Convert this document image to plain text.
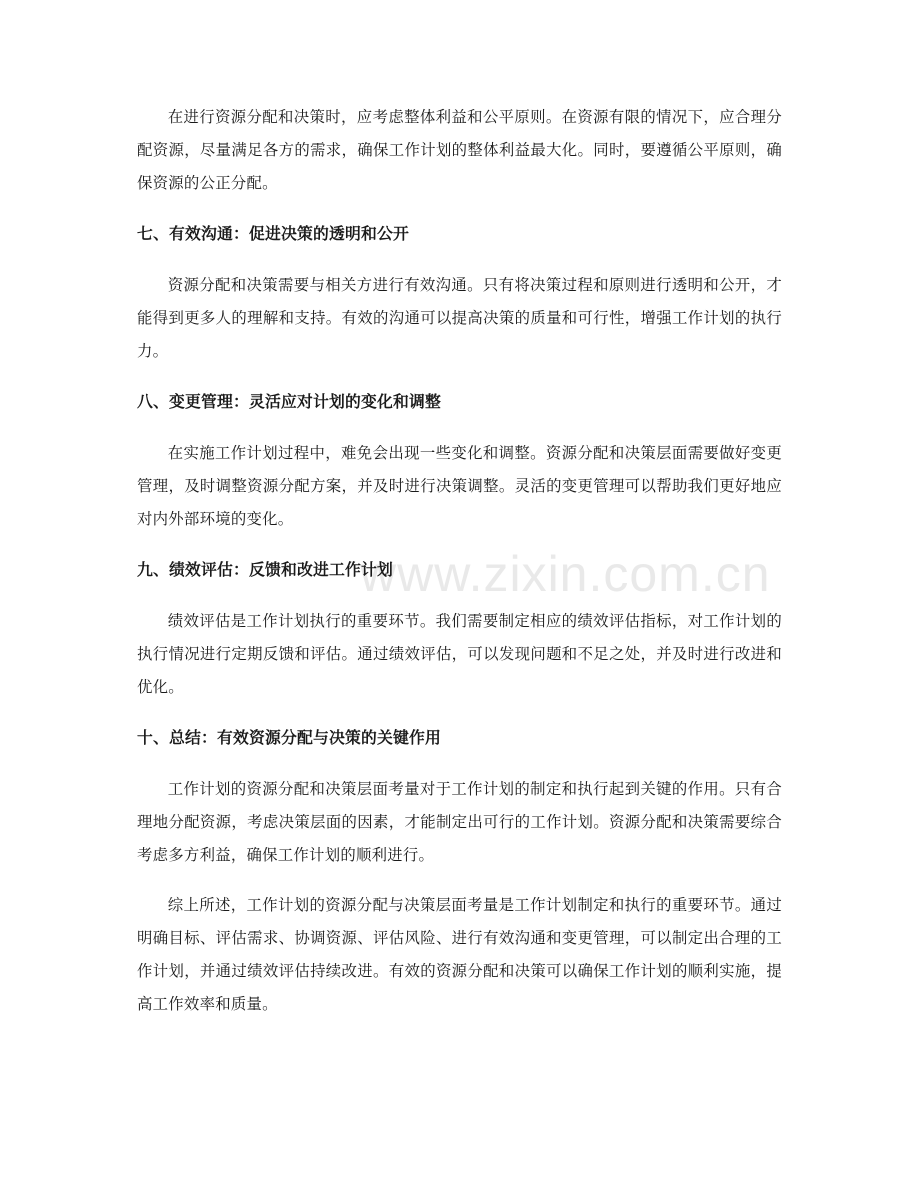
www.zixin.com.cn

在进行资源分配和决策时，应考虑整体利益和公平原则。在资源有限的情况下，应合理分配资源，尽量满足各方的需求，确保工作计划的整体利益最大化。同时，要遵循公平原则，确保资源的公正分配。

七、有效沟通：促进决策的透明和公开

资源分配和决策需要与相关方进行有效沟通。只有将决策过程和原则进行透明和公开，才能得到更多人的理解和支持。有效的沟通可以提高决策的质量和可行性，增强工作计划的执行力。

八、变更管理：灵活应对计划的变化和调整

在实施工作计划过程中，难免会出现一些变化和调整。资源分配和决策层面需要做好变更管理，及时调整资源分配方案，并及时进行决策调整。灵活的变更管理可以帮助我们更好地应对内外部环境的变化。

九、绩效评估：反馈和改进工作计划

绩效评估是工作计划执行的重要环节。我们需要制定相应的绩效评估指标，对工作计划的执行情况进行定期反馈和评估。通过绩效评估，可以发现问题和不足之处，并及时进行改进和优化。

十、总结：有效资源分配与决策的关键作用

工作计划的资源分配和决策层面考量对于工作计划的制定和执行起到关键的作用。只有合理地分配资源，考虑决策层面的因素，才能制定出可行的工作计划。资源分配和决策需要综合考虑多方利益，确保工作计划的顺利进行。

综上所述，工作计划的资源分配与决策层面考量是工作计划制定和执行的重要环节。通过明确目标、评估需求、协调资源、评估风险、进行有效沟通和变更管理，可以制定出合理的工作计划，并通过绩效评估持续改进。有效的资源分配和决策可以确保工作计划的顺利实施，提高工作效率和质量。
